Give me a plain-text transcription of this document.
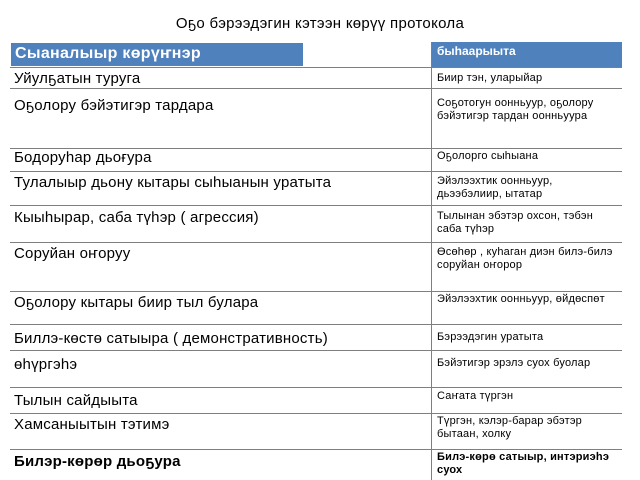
Оҕо бэрээдэгин кэтээн көрүү протокола
Сыаналыыр көрүҥнэр	быһаарыыта
Уйулҕатын туруга	Биир тэн, уларыйар
Оҕолору бэйэтигэр тардара	Соҕотогун оонньуур, оҕолору бэйэтигэр тардан оонньуура
Бодоруһар дьоғура	Оҕолорго сыһыана
Тулалыыр дьону кытары сыһыанын уратыта	Эйэлээхтик оонньуур, дьээбэлиир, ытатар
Кыыһырар, саба түһэр ( агрессия)	Тылынан эбэтэр охсон, тэбэн саба түһэр
Соруйан оҥоруу	Өсөһөр , куһаган диэн билэ-билэ соруйан оҥорор
Оҕолору кытары биир тыл булара	Эйэлээхтик оонньуур, өйдөспөт
Биллэ-көстө сатыыра ( демонстративность)	Бэрээдэгин уратыта
өһүргэһэ	Бэйэтигэр эрэлэ суох буолар
Тылын сайдыыта	Саҥата түргэн
Хамсаныытын тэтимэ	Түргэн, кэлэр-барар эбэтэр бытаан, холку
Билэр-көрөр дьоҕура	Билэ-көрө сатыыр, интэриэһэ суох
